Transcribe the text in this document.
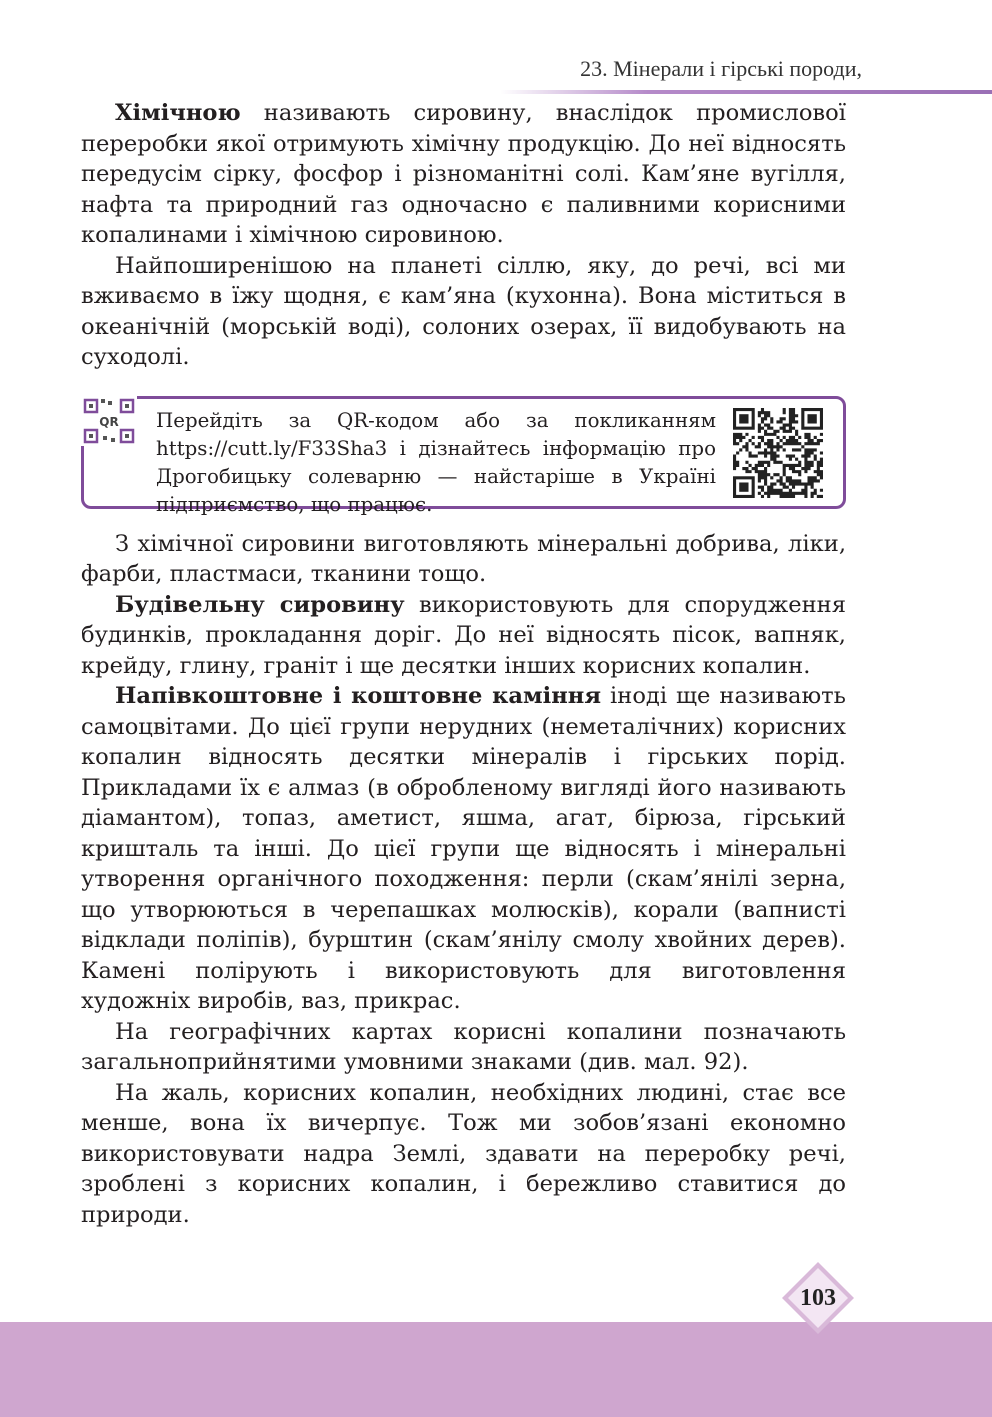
23. Мінерали і гірські породи,

Хімічною називають сировину, внаслідок промислової переробки якої отримують хімічну продукцію. До неї відносять передусім сірку, фосфор і різноманітні солі. Кам’яне вугілля, нафта та природний газ одночасно є паливними корисними копалинами і хімічною сировиною.

Найпоширенішою на планеті сіллю, яку, до речі, всі ми вживаємо в їжу щодня, є кам’яна (кухонна). Вона міститься в океанічній (морській воді), солоних озерах, її видобувають на суходолі.

QR Перейдіть за QR-кодом або за покликанням https://cutt.ly/F33Sha3 і дізнайтесь інформацію про Дрогобицьку солеварню — найстаріше в Україні підприємство, що працює.

З хімічної сировини виготовляють мінеральні добрива, ліки, фарби, пластмаси, тканини тощо.

Будівельну сировину використовують для спорудження будинків, прокладання доріг. До неї відносять пісок, вапняк, крейду, глину, граніт і ще десятки інших корисних копалин.

Напівкоштовне і коштовне каміння іноді ще називають самоцвітами. До цієї групи нерудних (неметалічних) корисних копалин відносять десятки мінералів і гірських порід. Прикладами їх є алмаз (в обробленому вигляді його називають діамантом), топаз, аметист, яшма, агат, бірюза, гірський кришталь та інші. До цієї групи ще відносять і мінеральні утворення органічного походження: перли (скам’янілі зерна, що утворюються в черепашках молюсків), корали (вапнисті відклади поліпів), бурштин (скам’янілу смолу хвойних дерев). Камені полірують і використовують для виготовлення художніх виробів, ваз, прикрас.

На географічних картах корисні копалини позначають загальноприйнятими умовними знаками (див. мал. 92).

На жаль, корисних копалин, необхідних людині, стає все менше, вона їх вичерпує. Тож ми зобов’язані економно використовувати надра Землі, здавати на переробку речі, зроблені з корисних копалин, і бережливо ставитися до природи.

103
